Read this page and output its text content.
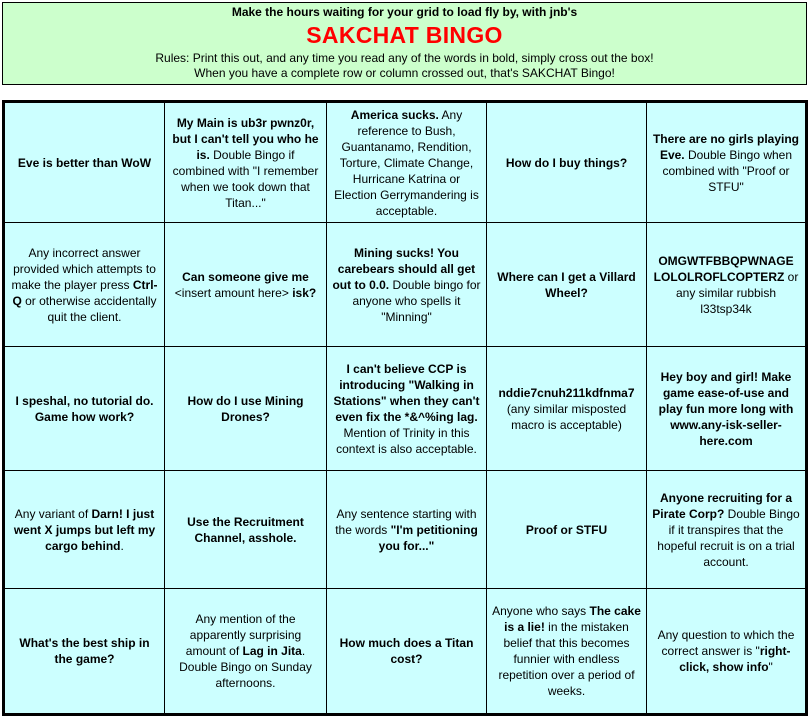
Make the hours waiting for your grid to load fly by, with jnb's
SAKCHAT BINGO
Rules: Print this out, and any time you read any of the words in bold, simply cross out the box!
When you have a complete row or column crossed out, that's SAKCHAT Bingo!
Eve is better than WoW
My Main is ub3r pwnz0r, but I can't tell you who he is. Double Bingo if combined with "I remember when we took down that Titan..."
America sucks. Any reference to Bush, Guantanamo, Rendition, Torture, Climate Change, Hurricane Katrina or Election Gerrymandering is acceptable.
How do I buy things?
There are no girls playing Eve. Double Bingo when combined with "Proof or STFU"
Any incorrect answer provided which attempts to make the player press Ctrl-Q or otherwise accidentally quit the client.
Can someone give me <insert amount here> isk?
Mining sucks! You carebears should all get out to 0.0. Double bingo for anyone who spells it "Minning"
Where can I get a Villard Wheel?
OMGWTFBBQPWNAGE LOLOLROFLCOPTERZ or any similar rubbish l33tsp34k
I speshal, no tutorial do. Game how work?
How do I use Mining Drones?
I can't believe CCP is introducing "Walking in Stations" when they can't even fix the *&^%ing lag. Mention of Trinity in this context is also acceptable.
nddie7cnuh211kdfnma7 (any similar misposted macro is acceptable)
Hey boy and girl! Make game ease-of-use and play fun more long with www.any-isk-seller-here.com
Any variant of Darn! I just went X jumps but left my cargo behind.
Use the Recruitment Channel, asshole.
Any sentence starting with the words "I'm petitioning you for..."
Proof or STFU
Anyone recruiting for a Pirate Corp? Double Bingo if it transpires that the hopeful recruit is on a trial account.
What's the best ship in the game?
Any mention of the apparently surprising amount of Lag in Jita. Double Bingo on Sunday afternoons.
How much does a Titan cost?
Anyone who says The cake is a lie! in the mistaken belief that this becomes funnier with endless repetition over a period of weeks.
Any question to which the correct answer is "right-click, show info"
